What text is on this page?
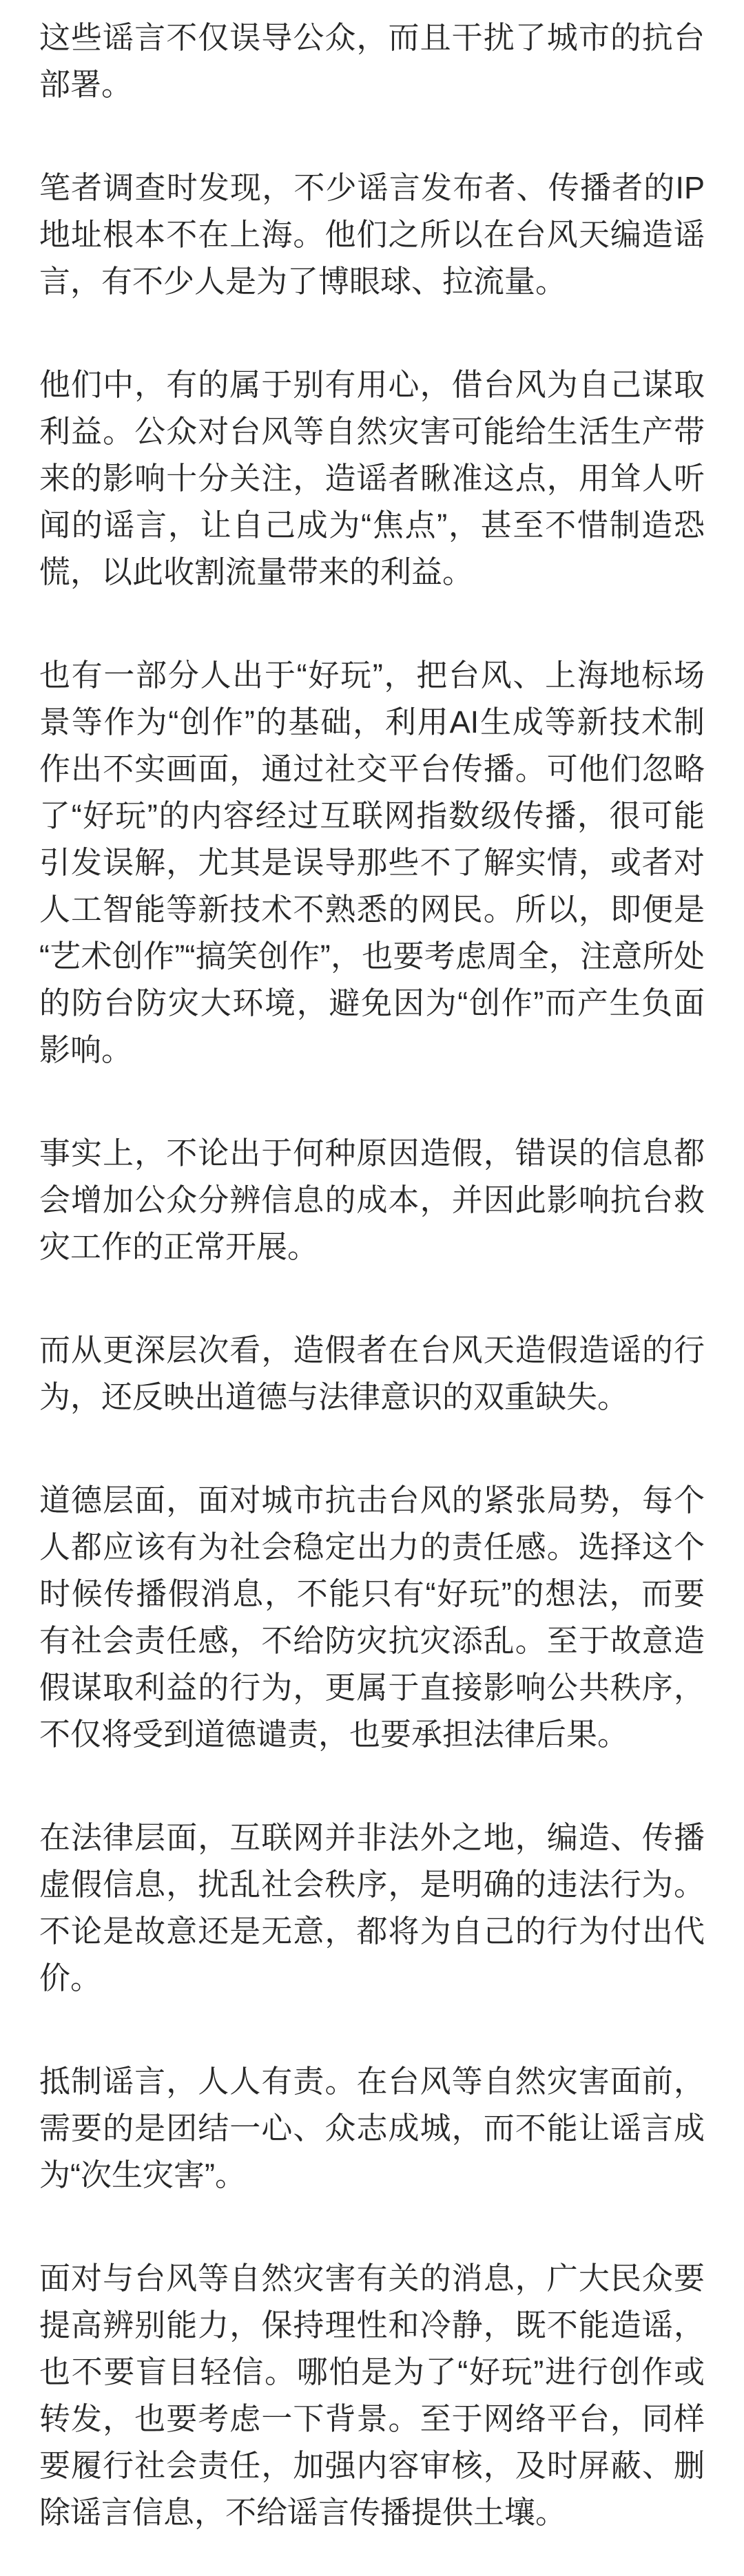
这些谣言不仅误导公众，而且干扰了城市的抗台部署。

笔者调查时发现，不少谣言发布者、传播者的IP地址根本不在上海。他们之所以在台风天编造谣言，有不少人是为了博眼球、拉流量。

他们中，有的属于别有用心，借台风为自己谋取利益。公众对台风等自然灾害可能给生活生产带来的影响十分关注，造谣者瞅准这点，用耸人听闻的谣言，让自己成为“焦点”，甚至不惜制造恐慌，以此收割流量带来的利益。

也有一部分人出于“好玩”，把台风、上海地标场景等作为“创作”的基础，利用AI生成等新技术制作出不实画面，通过社交平台传播。可他们忽略了“好玩”的内容经过互联网指数级传播，很可能引发误解，尤其是误导那些不了解实情，或者对人工智能等新技术不熟悉的网民。所以，即便是“艺术创作”“搞笑创作”，也要考虑周全，注意所处的防台防灾大环境，避免因为“创作”而产生负面影响。

事实上，不论出于何种原因造假，错误的信息都会增加公众分辨信息的成本，并因此影响抗台救灾工作的正常开展。

而从更深层次看，造假者在台风天造假造谣的行为，还反映出道德与法律意识的双重缺失。

道德层面，面对城市抗击台风的紧张局势，每个人都应该有为社会稳定出力的责任感。选择这个时候传播假消息，不能只有“好玩”的想法，而要有社会责任感，不给防灾抗灾添乱。至于故意造假谋取利益的行为，更属于直接影响公共秩序，不仅将受到道德谴责，也要承担法律后果。

在法律层面，互联网并非法外之地，编造、传播虚假信息，扰乱社会秩序，是明确的违法行为。不论是故意还是无意，都将为自己的行为付出代价。

抵制谣言，人人有责。在台风等自然灾害面前，需要的是团结一心、众志成城，而不能让谣言成为“次生灾害”。

面对与台风等自然灾害有关的消息，广大民众要提高辨别能力，保持理性和冷静，既不能造谣，也不要盲目轻信。哪怕是为了“好玩”进行创作或转发，也要考虑一下背景。至于网络平台，同样要履行社会责任，加强内容审核，及时屏蔽、删除谣言信息，不给谣言传播提供土壤。
